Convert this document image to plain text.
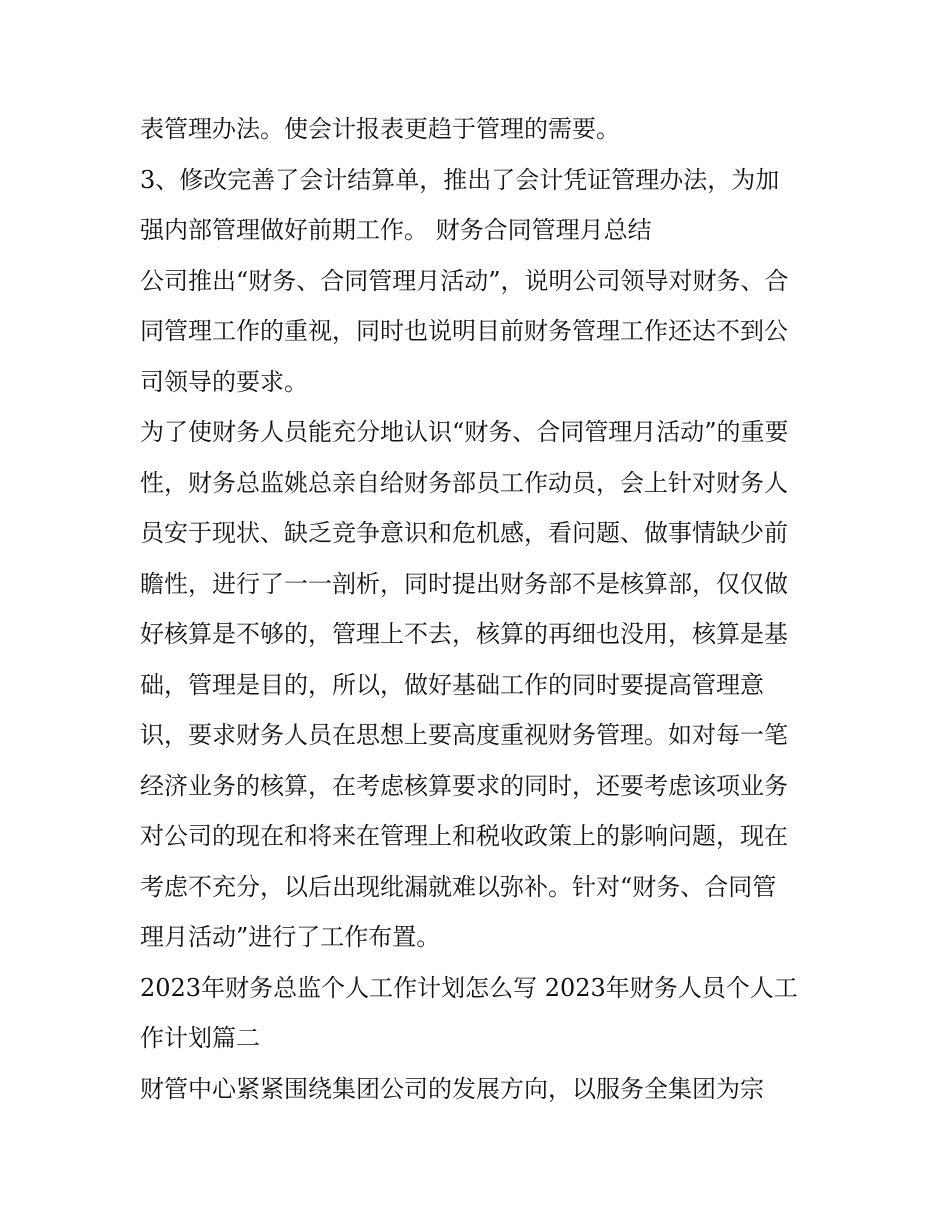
表管理办法。使会计报表更趋于管理的需要。
3、修改完善了会计结算单，推出了会计凭证管理办法，为加
强内部管理做好前期工作。 财务合同管理月总结
公司推出“财务、合同管理月活动”，说明公司领导对财务、合
同管理工作的重视，同时也说明目前财务管理工作还达不到公
司领导的要求。
为了使财务人员能充分地认识“财务、合同管理月活动”的重要
性，财务总监姚总亲自给财务部员工作动员，会上针对财务人
员安于现状、缺乏竞争意识和危机感，看问题、做事情缺少前
瞻性，进行了一一剖析，同时提出财务部不是核算部，仅仅做
好核算是不够的，管理上不去，核算的再细也没用，核算是基
础，管理是目的，所以，做好基础工作的同时要提高管理意
识，要求财务人员在思想上要高度重视财务管理。如对每一笔
经济业务的核算，在考虑核算要求的同时，还要考虑该项业务
对公司的现在和将来在管理上和税收政策上的影响问题，现在
考虑不充分，以后出现纰漏就难以弥补。针对“财务、合同管
理月活动”进行了工作布置。
2023年财务总监个人工作计划怎么写 2023年财务人员个人工
作计划篇二
财管中心紧紧围绕集团公司的发展方向，以服务全集团为宗
